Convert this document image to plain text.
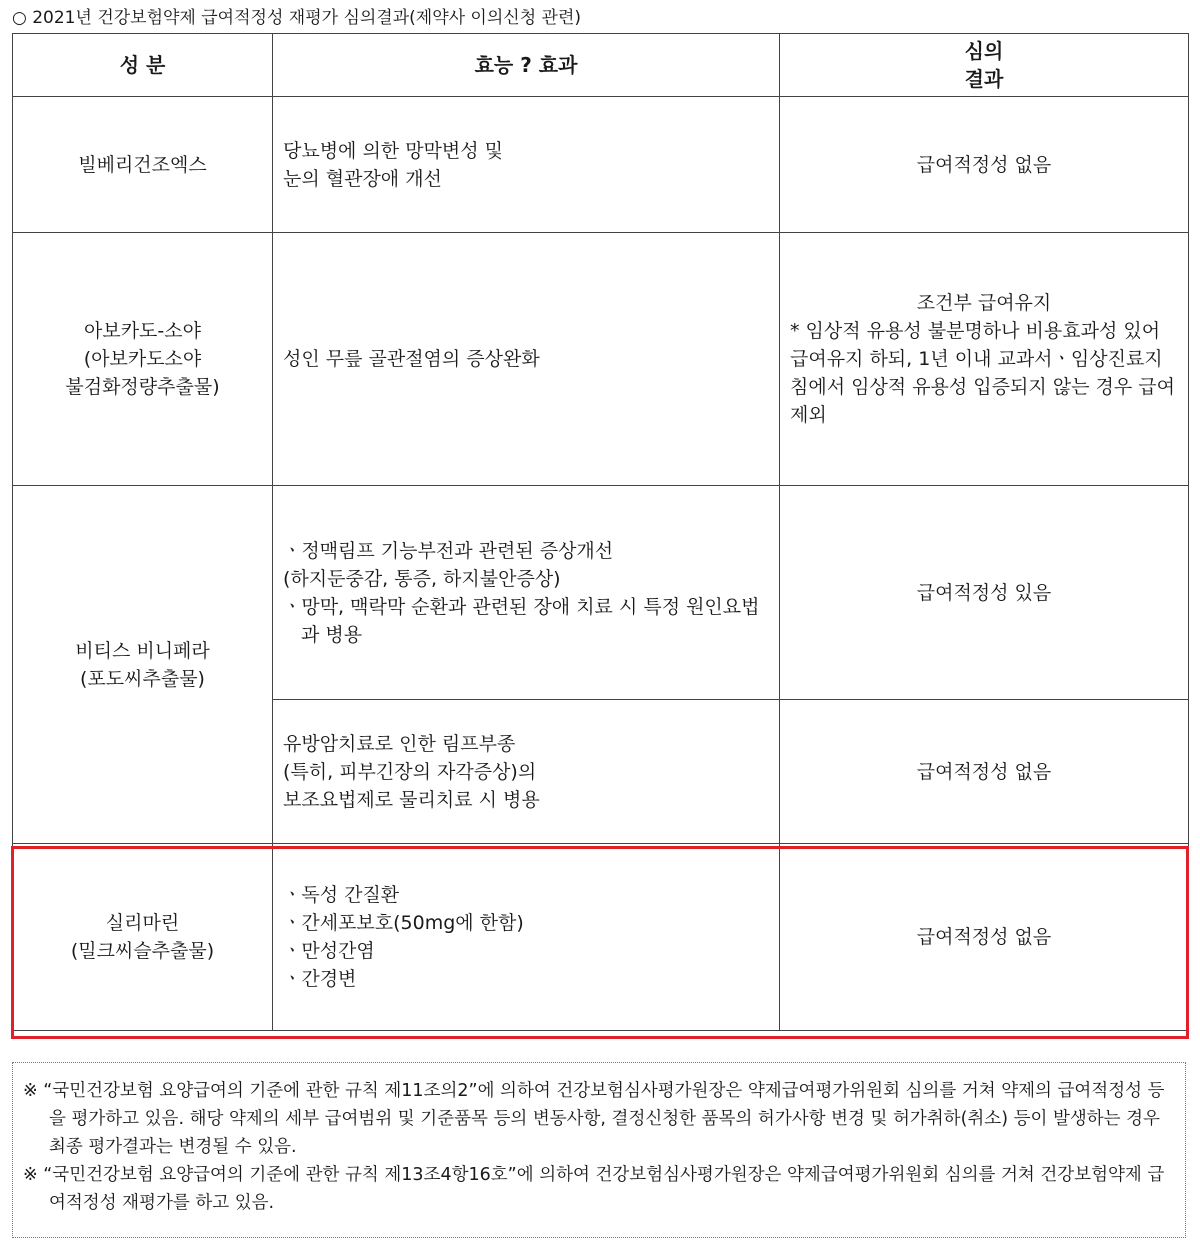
○ 2021년 건강보험약제 급여적정성 재평가 심의결과(제약사 이의신청 관련)
성 분	효능 ? 효과	심의
결과

빌베리건조엑스	당뇨병에 의한 망막변성 및
눈의 혈관장애 개선	급여적정성 없음

아보카도-소야
(아보카도소야
불검화정량추출물)	성인 무릎 골관절염의 증상완화	조건부 급여유지
* 임상적 유용성 불분명하나 비용효과성 있어 급여유지 하되, 1년 이내 교과서ㆍ임상진료지침에서 임상적 유용성 입증되지 않는 경우 급여제외

비티스 비니페라
(포도씨추출물)	ㆍ정맥림프 기능부전과 관련된 증상개선
(하지둔중감, 통증, 하지불안증상)
ㆍ망막, 맥락막 순환과 관련된 장애 치료 시 특정 원인요법과 병용	급여적정성 있음

	유방암치료로 인한 림프부종
(특히, 피부긴장의 자각증상)의
보조요법제로 물리치료 시 병용	급여적정성 없음

실리마린
(밀크씨슬추출물)	ㆍ독성 간질환
ㆍ간세포보호(50mg에 한함)
ㆍ만성간염
ㆍ간경변	급여적정성 없음
※ “국민건강보험 요양급여의 기준에 관한 규칙 제11조의2”에 의하여 건강보험심사평가원장은 약제급여평가위원회 심의를 거쳐 약제의 급여적정성 등을 평가하고 있음. 해당 약제의 세부 급여범위 및 기준품목 등의 변동사항, 결정신청한 품목의 허가사항 변경 및 허가취하(취소) 등이 발생하는 경우 최종 평가결과는 변경될 수 있음.
※ “국민건강보험 요양급여의 기준에 관한 규칙 제13조4항16호”에 의하여 건강보험심사평가원장은 약제급여평가위원회 심의를 거쳐 건강보험약제 급여적정성 재평가를 하고 있음.
